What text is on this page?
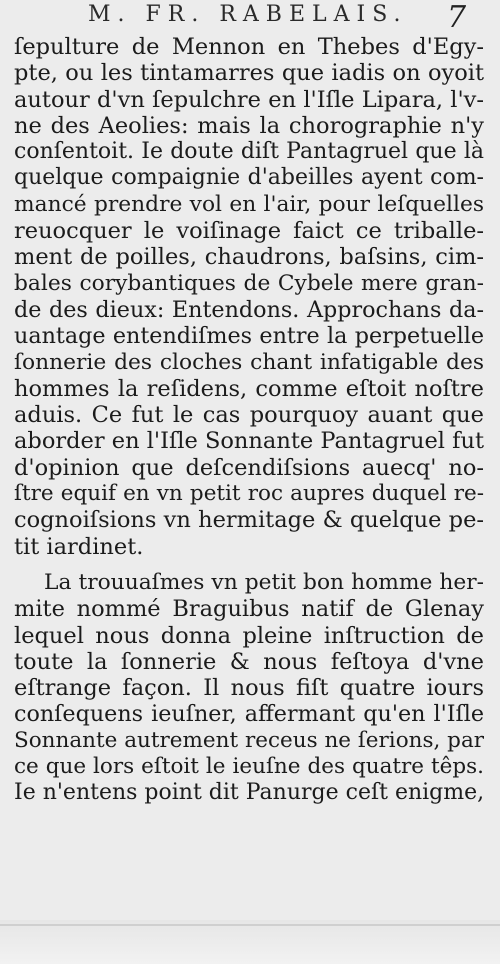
M. FR. RABELAIS. 7
ſepulture de Mennon en Thebes d'Egy-
pte, ou les tintamarres que iadis on oyoit
autour d'vn ſepulchre en l'Iſle Lipara, l'v-
ne des Aeolies: mais la chorographie n'y
conſentoit. Ie doute diſt Pantagruel que là
quelque compaignie d'abeilles ayent com-
mancé prendre vol en l'air, pour leſquelles
reuocquer le voiſinage faict ce triballe-
ment de poilles, chaudrons, baſsins, cim-
bales corybantiques de Cybele mere gran-
de des dieux: Entendons. Approchans da-
uantage entendiſmes entre la perpetuelle
ſonnerie des cloches chant infatigable des
hommes la reſidens, comme eſtoit noſtre
aduis. Ce fut le cas pourquoy auant que
aborder en l'Iſle Sonnante Pantagruel fut
d'opinion que deſcendiſsions auecq' no-
ſtre equif en vn petit roc aupres duquel re-
cognoiſsions vn hermitage & quelque pe-
tit iardinet.
La trouuaſmes vn petit bon homme her-
mite nommé Braguibus natif de Glenay
lequel nous donna pleine inſtruction de
toute la ſonnerie & nous feſtoya d'vne
eſtrange façon. Il nous fiſt quatre iours
conſequens ieuſner, affermant qu'en l'Iſle
Sonnante autrement receus ne ſerions, par
ce que lors eſtoit le ieuſne des quatre têps.
Ie n'entens point dit Panurge ceſt enigme,
